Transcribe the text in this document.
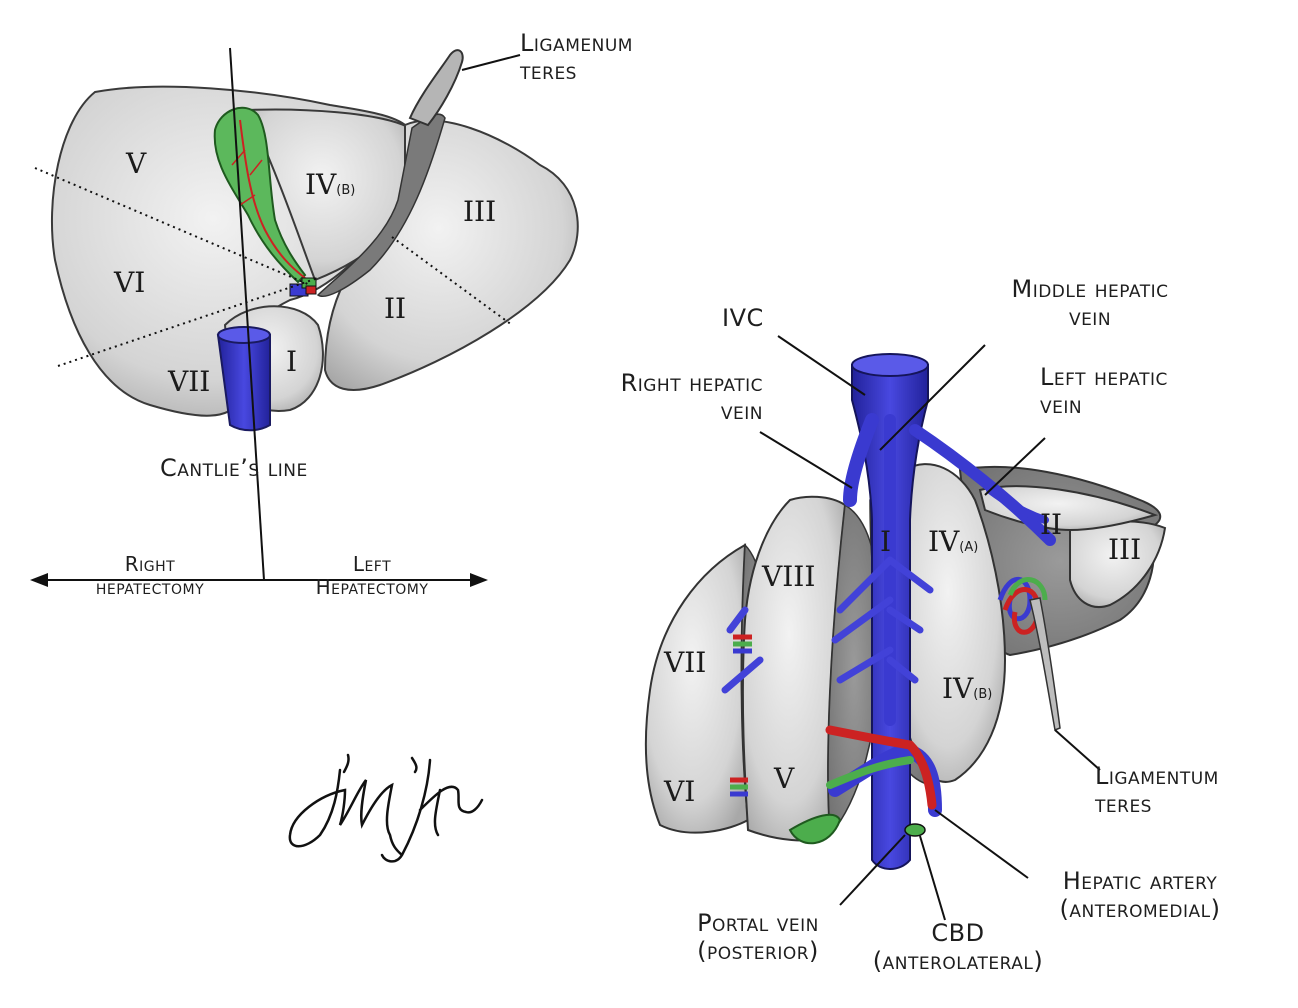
V
IV(B)
III
VI
II
I
VII
Ligamenum
teres
Cantlie’s line
Right
hepatectomy
Left
Hepatectomy
IVC
Middle hepatic
vein
Right hepatic
vein
Left hepatic
vein
I IV(A)
II
III
VIII
VII
IV(B)
VI	V	Ligamentum
teres
Hepatic artery
(anteromedial)
CBD
(anterolateral)
Portal vein
(posterior)
